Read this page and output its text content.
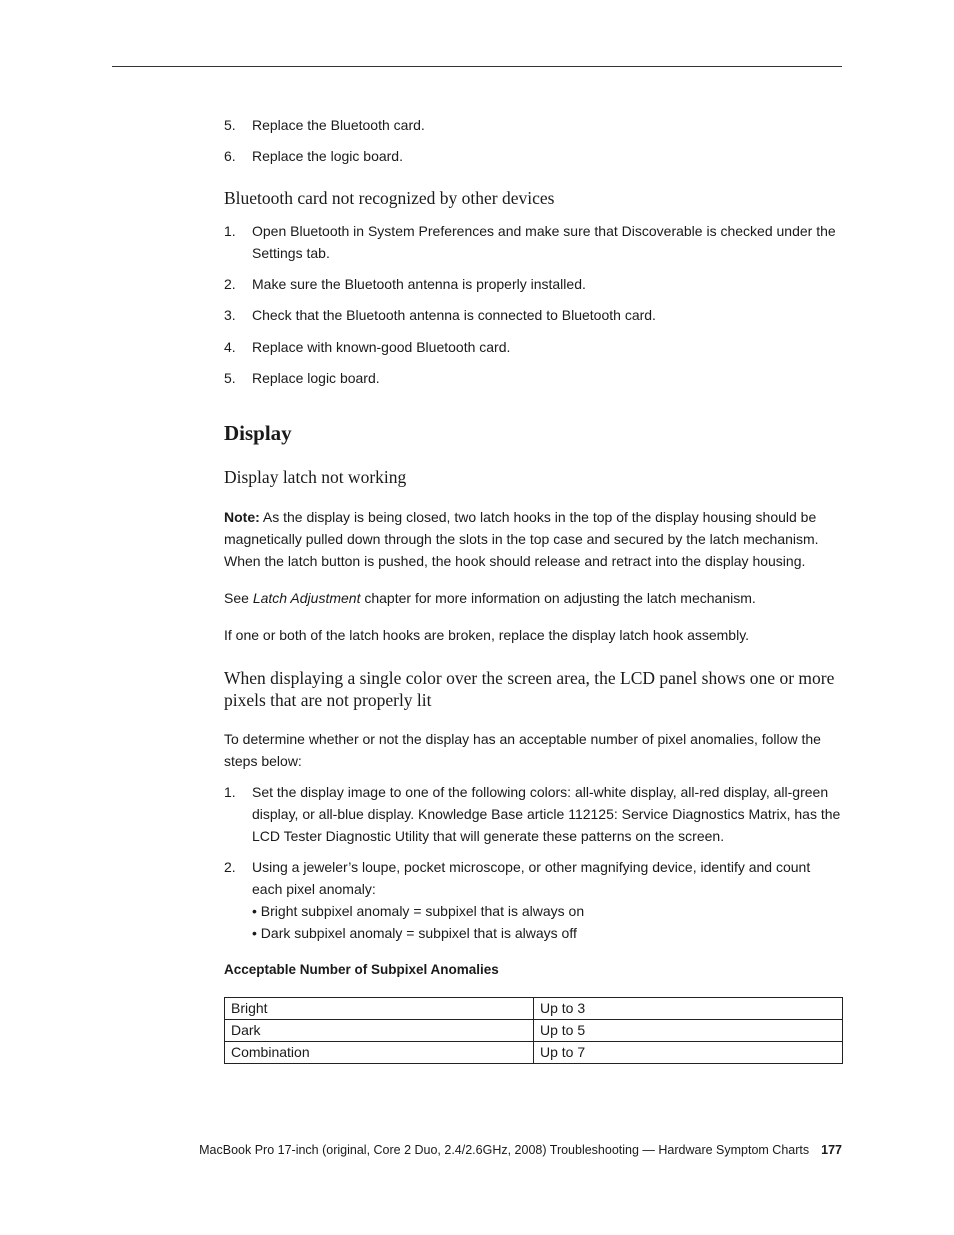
5.	Replace the Bluetooth card.
6.	Replace the logic board.
Bluetooth card not recognized by other devices
1.	Open Bluetooth in System Preferences and make sure that Discoverable is checked under the Settings tab.
2.	Make sure the Bluetooth antenna is properly installed.
3.	Check that the Bluetooth antenna is connected to Bluetooth card.
4.	Replace with known-good Bluetooth card.
5.	Replace logic board.
Display
Display latch not working
Note: As the display is being closed, two latch hooks in the top of the display housing should be magnetically pulled down through the slots in the top case and secured by the latch mechanism. When the latch button is pushed, the hook should release and retract into the display housing.
See Latch Adjustment chapter for more information on adjusting the latch mechanism.
If one or both of the latch hooks are broken, replace the display latch hook assembly.
When displaying a single color over the screen area, the LCD panel shows one or more pixels that are not properly lit
To determine whether or not the display has an acceptable number of pixel anomalies, follow the steps below:
1.	Set the display image to one of the following colors: all-white display, all-red display, all-green display, or all-blue display. Knowledge Base article 112125: Service Diagnostics Matrix, has the LCD Tester Diagnostic Utility that will generate these patterns on the screen.
2.	Using a jeweler’s loupe, pocket microscope, or other magnifying device, identify and count each pixel anomaly:
• Bright subpixel anomaly = subpixel that is always on
• Dark subpixel anomaly = subpixel that is always off
Acceptable Number of Subpixel Anomalies
Bright	Up to 3
Dark	Up to 5
Combination	Up to 7
MacBook Pro 17-inch (original, Core 2 Duo, 2.4/2.6GHz, 2008) Troubleshooting — Hardware Symptom Charts 177
